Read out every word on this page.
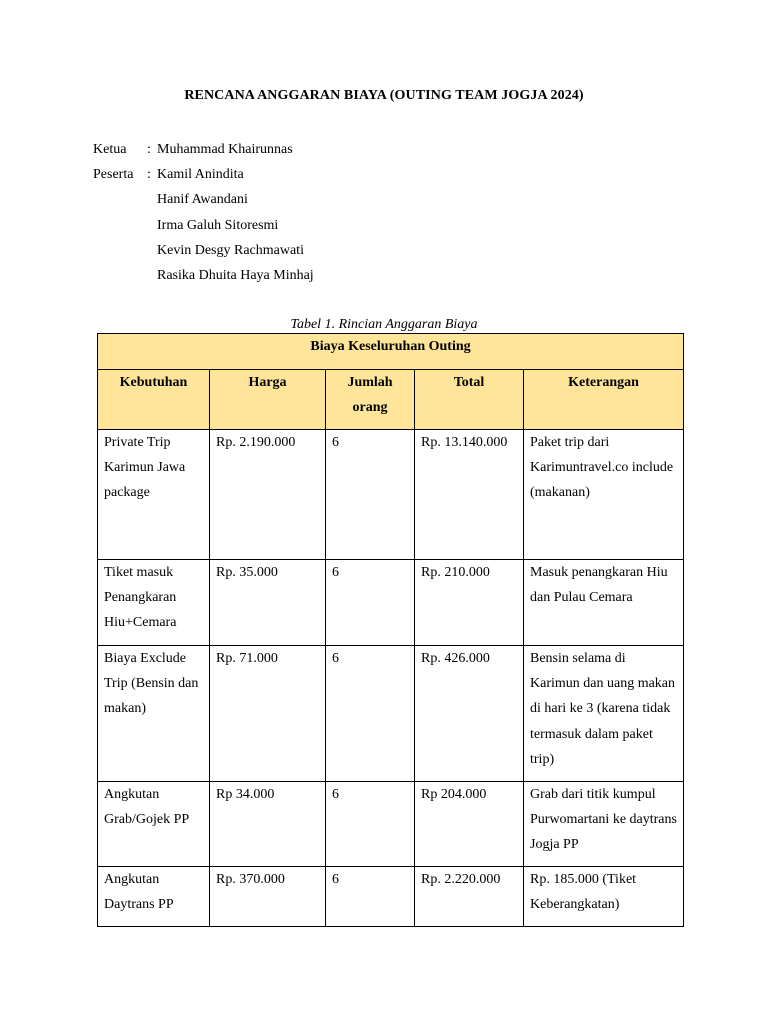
RENCANA ANGGARAN BIAYA (OUTING TEAM JOGJA 2024)
Ketua	: Muhammad Khairunnas
Peserta : Kamil Anindita
Hanif Awandani
Irma Galuh Sitoresmi
Kevin Desgy Rachmawati
Rasika Dhuita Haya Minhaj
Tabel 1. Rincian Anggaran Biaya
Biaya Keseluruhan Outing				

Kebutuhan	Harga	Jumlah orang	Total	Keterangan

Private Trip Karimun Jawa package	Rp. 2.190.000	6	Rp. 13.140.000	Paket trip dari Karimuntravel.co include (makanan)
Tiket masuk Penangkaran Hiu+Cemara	Rp. 35.000	6	Rp. 210.000	Masuk penangkaran Hiu dan Pulau Cemara
Biaya Exclude Trip (Bensin dan makan)	Rp. 71.000	6	Rp. 426.000	Bensin selama di Karimun dan uang makan di hari ke 3 (karena tidak termasuk dalam paket trip)
Angkutan Grab/Gojek PP	Rp 34.000	6	Rp 204.000	Grab dari titik kumpul Purwomartani ke daytrans Jogja PP
Angkutan Daytrans PP	Rp. 370.000	6	Rp. 2.220.000	Rp. 185.000 (Tiket Keberangkatan)
